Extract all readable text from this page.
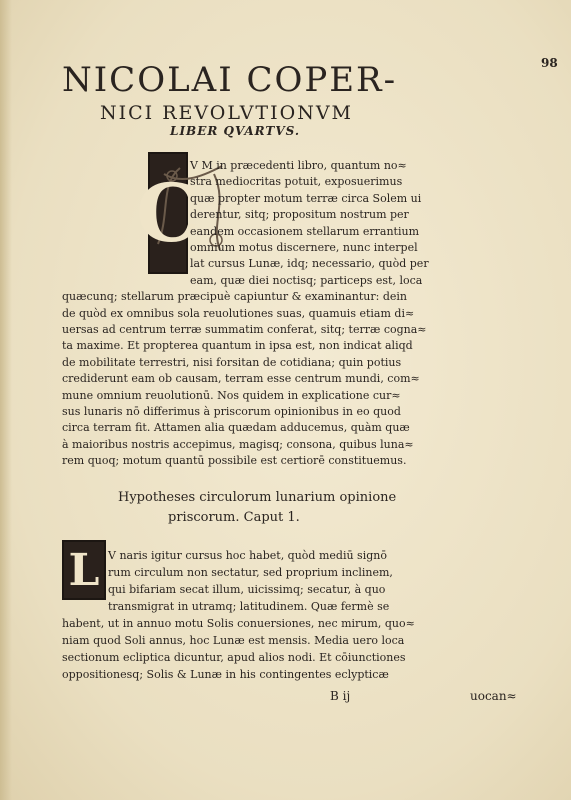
98
NICOLAI COPER-
NICI REVOLVTIONVM
LIBER QVARTVS.
C
V M in præcedenti libro, quantum no≈
stra mediocritas potuit, exposuerimus
quæ propter motum terræ circa Solem ui
derentur, sitq; propositum nostrum per
eandem occasionem stellarum errantium
omnium motus discernere, nunc interpel
lat cursus Lunæ, idq; necessario, quòd per
eam, quæ diei noctisq; particeps est, loca
quæcunq; stellarum præcipuè capiuntur & examinantur: dein
de quòd ex omnibus sola reuolutiones suas, quamuis etiam di≈
uersas ad centrum terræ summatim conferat, sitq; terræ cogna≈
ta maxime. Et propterea quantum in ipsa est, non indicat aliqd
de mobilitate terrestri, nisi forsitan de cotidiana; quin potius
crediderunt eam ob causam, terram esse centrum mundi, com≈
mune omnium reuolutionū. Nos quidem in explicatione cur≈
sus lunaris nō differimus à priscorum opinionibus in eo quod
circa terram fit. Attamen alia quædam adducemus, quàm quæ
à maioribus nostris accepimus, magisq; consona, quibus luna≈
rem quoq; motum quantū possibile est certiorē constituemus.
Hypotheses circulorum lunarium opinione
priscorum. Caput 1.
L V naris igitur cursus hoc habet, quòd mediū signō
rum circulum non sectatur, sed proprium inclinem,
qui bifariam secat illum, uicissimq; secatur, à quo
transmigrat in utramq; latitudinem. Quæ fermè se
habent, ut in annuo motu Solis conuersiones, nec mirum, quo≈
niam quod Soli annus, hoc Lunæ est mensis. Media uero loca
sectionum ecliptica dicuntur, apud alios nodi. Et cōiunctiones
oppositionesq; Solis & Lunæ in his contingentes eclypticæ
B ij	uocan≈
